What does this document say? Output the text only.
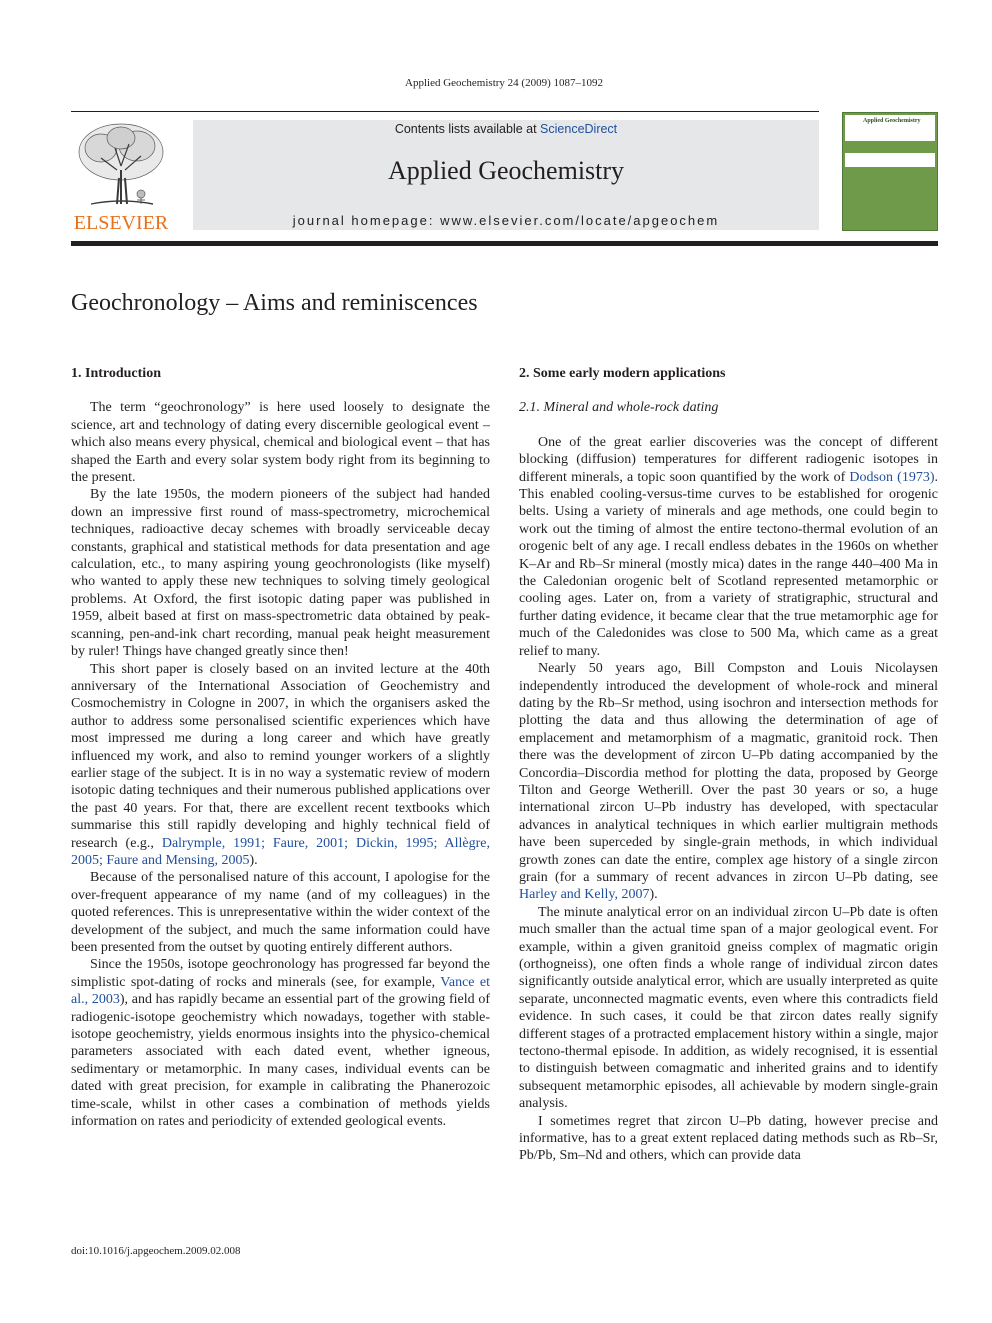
Applied Geochemistry 24 (2009) 1087–1092
ELSEVIER
Contents lists available at ScienceDirect
Applied Geochemistry
journal homepage: www.elsevier.com/locate/apgeochem
Applied Geochemistry
Geochronology – Aims and reminiscences
1. Introduction

The term “geochronology” is here used loosely to designate the science, art and technology of dating every discernible geological event – which also means every physical, chemical and biological event – that has shaped the Earth and every solar system body right from its beginning to the present.

By the late 1950s, the modern pioneers of the subject had handed down an impressive first round of mass-spectrometry, microchemical techniques, radioactive decay schemes with broadly serviceable decay constants, graphical and statistical methods for data presentation and age calculation, etc., to many aspiring young geochronologists (like myself) who wanted to apply these new techniques to solving timely geological problems. At Oxford, the first isotopic dating paper was published in 1959, albeit based at first on mass-spectrometric data obtained by peak-scanning, pen-and-ink chart recording, manual peak height measurement by ruler! Things have changed greatly since then!

This short paper is closely based on an invited lecture at the 40th anniversary of the International Association of Geochemistry and Cosmochemistry in Cologne in 2007, in which the organisers asked the author to address some personalised scientific experiences which have most impressed me during a long career and which have greatly influenced my work, and also to remind younger workers of a slightly earlier stage of the subject. It is in no way a systematic review of modern isotopic dating techniques and their numerous published applications over the past 40 years. For that, there are excellent recent textbooks which summarise this still rapidly developing and highly technical field of research (e.g., Dalrymple, 1991; Faure, 2001; Dickin, 1995; Allègre, 2005; Faure and Mensing, 2005).

Because of the personalised nature of this account, I apologise for the over-frequent appearance of my name (and of my colleagues) in the quoted references. This is unrepresentative within the wider context of the development of the subject, and much the same information could have been presented from the outset by quoting entirely different authors.

Since the 1950s, isotope geochronology has progressed far beyond the simplistic spot-dating of rocks and minerals (see, for example, Vance et al., 2003), and has rapidly became an essential part of the growing field of radiogenic-isotope geochemistry which nowadays, together with stable-isotope geochemistry, yields enormous insights into the physico-chemical parameters associated with each dated event, whether igneous, sedimentary or metamorphic. In many cases, individual events can be dated with great precision, for example in calibrating the Phanerozoic time-scale, whilst in other cases a combination of methods yields information on rates and periodicity of extended geological events.

2. Some early modern applications
2.1. Mineral and whole-rock dating

One of the great earlier discoveries was the concept of different blocking (diffusion) temperatures for different radiogenic isotopes in different minerals, a topic soon quantified by the work of Dodson (1973). This enabled cooling-versus-time curves to be established for orogenic belts. Using a variety of minerals and age methods, one could begin to work out the timing of almost the entire tectono-thermal evolution of an orogenic belt of any age. I recall endless debates in the 1960s on whether K–Ar and Rb–Sr mineral (mostly mica) dates in the range 440–400 Ma in the Caledonian orogenic belt of Scotland represented metamorphic or cooling ages. Later on, from a variety of stratigraphic, structural and further dating evidence, it became clear that the true metamorphic age for much of the Caledonides was close to 500 Ma, which came as a great relief to many.

Nearly 50 years ago, Bill Compston and Louis Nicolaysen independently introduced the development of whole-rock and mineral dating by the Rb–Sr method, using isochron and intersection methods for plotting the data and thus allowing the determination of age of emplacement and metamorphism of a magmatic, granitoid rock. Then there was the development of zircon U–Pb dating accompanied by the Concordia–Discordia method for plotting the data, proposed by George Tilton and George Wetherill. Over the past 30 years or so, a huge international zircon U–Pb industry has developed, with spectacular advances in analytical techniques in which earlier multigrain methods have been superceded by single-grain methods, in which individual growth zones can date the entire, complex age history of a single zircon grain (for a summary of recent advances in zircon U–Pb dating, see Harley and Kelly, 2007).

The minute analytical error on an individual zircon U–Pb date is often much smaller than the actual time span of a major geological event. For example, within a given granitoid gneiss complex of magmatic origin (orthogneiss), one often finds a whole range of individual zircon dates significantly outside analytical error, which are usually interpreted as quite separate, unconnected magmatic events, even where this contradicts field evidence. In such cases, it could be that zircon dates really signify different stages of a protracted emplacement history within a single, major tectono-thermal episode. In addition, as widely recognised, it is essential to distinguish between comagmatic and inherited grains and to identify subsequent metamorphic episodes, all achievable by modern single-grain analysis.

I sometimes regret that zircon U–Pb dating, however precise and informative, has to a great extent replaced dating methods such as Rb–Sr, Pb/Pb, Sm–Nd and others, which can provide data

doi:10.1016/j.apgeochem.2009.02.008
